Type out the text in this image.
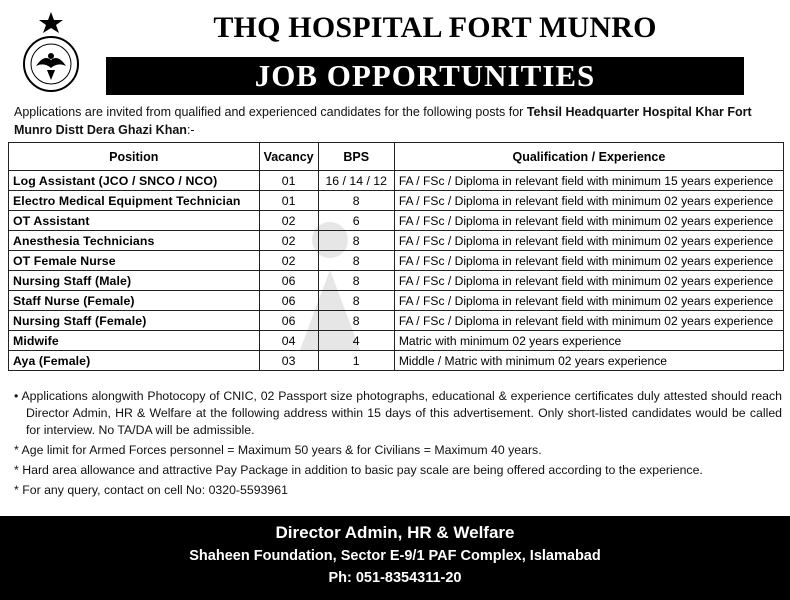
THQ HOSPITAL FORT MUNRO
JOB OPPORTUNITIES
Applications are invited from qualified and experienced candidates for the following posts for Tehsil Headquarter Hospital Khar Fort Munro Distt Dera Ghazi Khan:-
Position	Vacancy	BPS	Qualification / Experience
Log Assistant (JCO / SNCO / NCO)	01	16 / 14 / 12	FA / FSc / Diploma in relevant field with minimum 15 years experience
Electro Medical Equipment Technician	01	8	FA / FSc / Diploma in relevant field with minimum 02 years experience
OT Assistant	02	6	FA / FSc / Diploma in relevant field with minimum 02 years experience
Anesthesia Technicians	02	8	FA / FSc / Diploma in relevant field with minimum 02 years experience
OT Female Nurse	02	8	FA / FSc / Diploma in relevant field with minimum 02 years experience
Nursing Staff (Male)	06	8	FA / FSc / Diploma in relevant field with minimum 02 years experience
Staff Nurse (Female)	06	8	FA / FSc / Diploma in relevant field with minimum 02 years experience
Nursing Staff (Female)	06	8	FA / FSc / Diploma in relevant field with minimum 02 years experience
Midwife	04	4	Matric with minimum 02 years experience
Aya (Female)	03	1	Middle / Matric with minimum 02 years experience
• Applications alongwith Photocopy of CNIC, 02 Passport size photographs, educational & experience certificates duly attested should reach Director Admin, HR & Welfare at the following address within 15 days of this advertisement. Only short-listed candidates would be called for interview. No TA/DA will be admissible.
* Age limit for Armed Forces personnel = Maximum 50 years & for Civilians = Maximum 40 years.
* Hard area allowance and attractive Pay Package in addition to basic pay scale are being offered according to the experience.
* For any query, contact on cell No: 0320-5593961
Director Admin, HR & Welfare
Shaheen Foundation, Sector E-9/1 PAF Complex, Islamabad
Ph: 051-8354311-20
